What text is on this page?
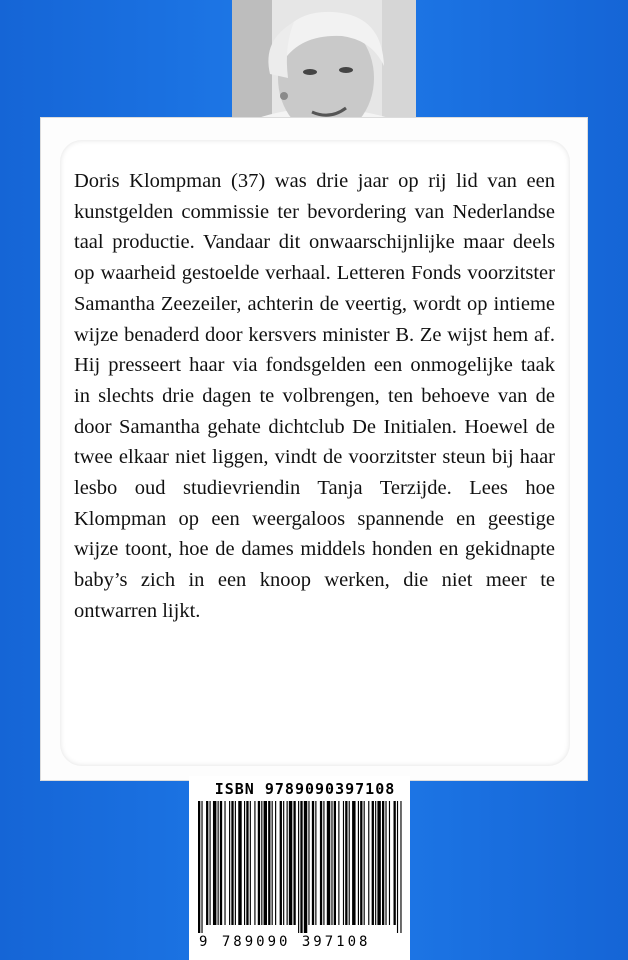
Doris Klompman (37) was drie jaar op rij lid van een kunstgelden commissie ter bevordering van Nederlandse taal productie. Vandaar dit onwaarschijnlijke maar deels op waarheid gestoelde verhaal. Letteren Fonds voorzitster Samantha Zeezeiler, achterin de veertig, wordt op intieme wijze benaderd door kersvers minister B. Ze wijst hem af. Hij presseert haar via fondsgelden een onmogelijke taak in slechts drie dagen te volbrengen, ten behoeve van de door Samantha gehate dichtclub De Initialen. Hoewel de twee elkaar niet liggen, vindt de voorzitster steun bij haar lesbo oud studievriendin Tanja Terzijde. Lees hoe Klompman op een weergaloos spannende en geestige wijze toont, hoe de dames middels honden en gekidnapte baby’s zich in een knoop werken, die niet meer te ontwarren lijkt.

ISBN 9789090397108
9 789090 397108
